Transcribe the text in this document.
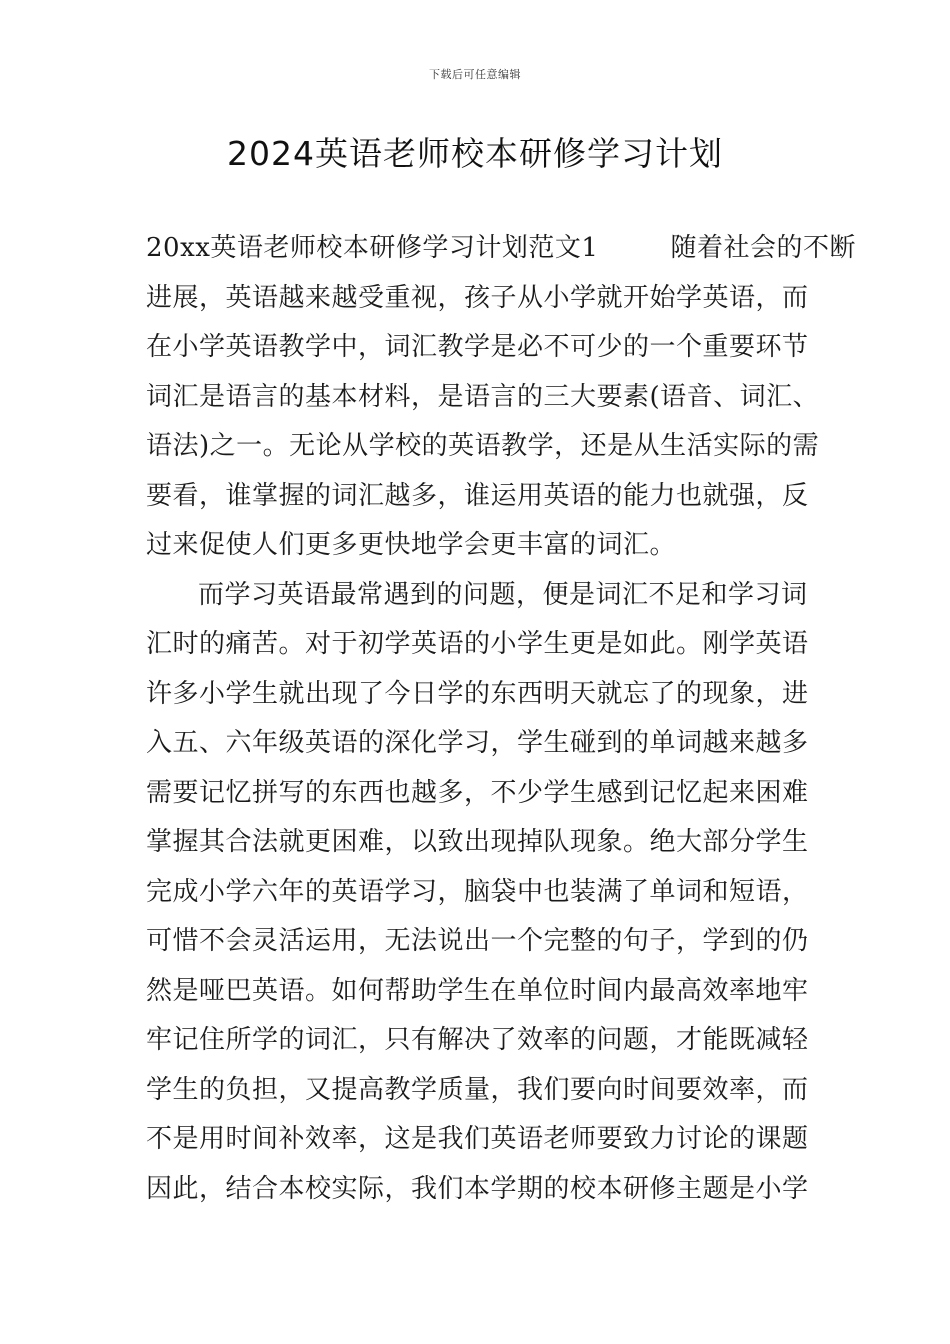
下载后可任意编辑
2024英语老师校本研修学习计划
20xx英语老师校本研修学习计划范文1	随着社会的不断
进展，英语越来越受重视，孩子从小学就开始学英语，而
在小学英语教学中，词汇教学是必不可少的一个重要环节
词汇是语言的基本材料，是语言的三大要素(语音、词汇、
语法)之一。无论从学校的英语教学，还是从生活实际的需
要看，谁掌握的词汇越多，谁运用英语的能力也就强，反
过来促使人们更多更快地学会更丰富的词汇。
而学习英语最常遇到的问题，便是词汇不足和学习词
汇时的痛苦。对于初学英语的小学生更是如此。刚学英语
许多小学生就出现了今日学的东西明天就忘了的现象，进
入五、六年级英语的深化学习，学生碰到的单词越来越多
需要记忆拼写的东西也越多，不少学生感到记忆起来困难
掌握其合法就更困难，以致出现掉队现象。绝大部分学生
完成小学六年的英语学习，脑袋中也装满了单词和短语，
可惜不会灵活运用，无法说出一个完整的句子，学到的仍
然是哑巴英语。如何帮助学生在单位时间内最高效率地牢
牢记住所学的词汇，只有解决了效率的问题，才能既减轻
学生的负担，又提高教学质量，我们要向时间要效率，而
不是用时间补效率，这是我们英语老师要致力讨论的课题
因此，结合本校实际，我们本学期的校本研修主题是小学
